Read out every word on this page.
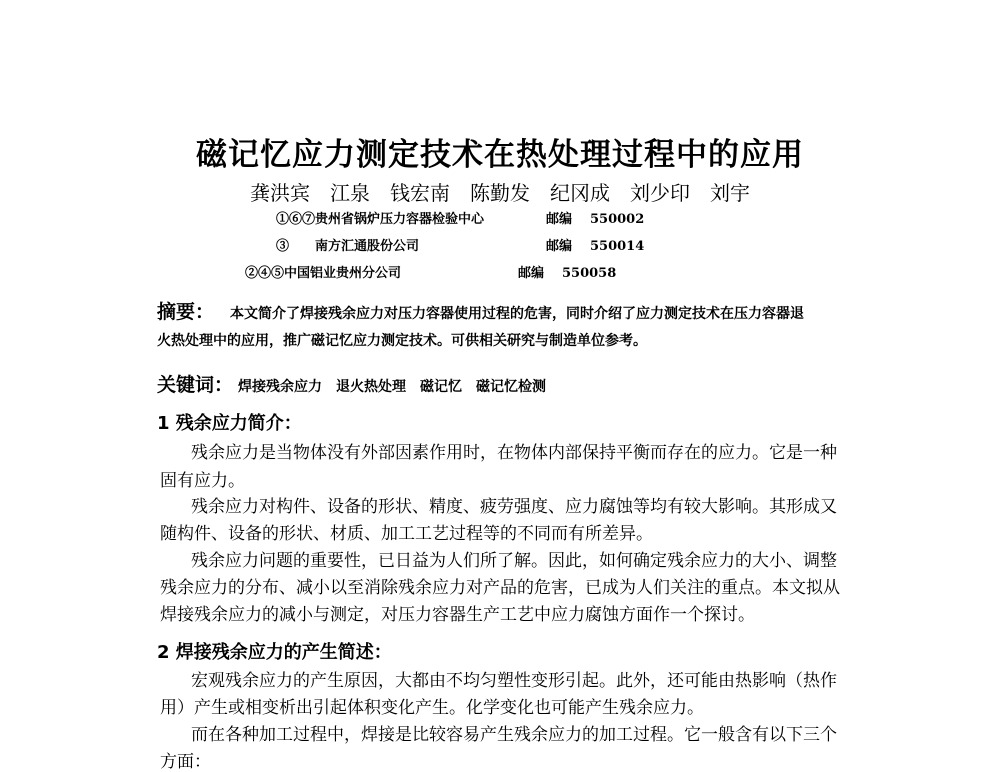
磁记忆应力测定技术在热处理过程中的应用
龚洪宾　江泉　钱宏南　陈勤发　纪冈成　刘少印　刘宇
①⑥⑦贵州省锅炉压力容器检验中心	邮编 550002
③　　南方汇通股份公司	邮编 550014
②④⑤中国铝业贵州分公司	邮编 550058
摘要： 本文简介了焊接残余应力对压力容器使用过程的危害，同时介绍了应力测定技术在压力容器退
火热处理中的应用，推广磁记忆应力测定技术。可供相关研究与制造单位参考。
关键词： 焊接残余应力　退火热处理　磁记忆　磁记忆检测
1 残余应力简介：
残余应力是当物体没有外部因素作用时，在物体内部保持平衡而存在的应力。它是一种
固有应力。
残余应力对构件、设备的形状、精度、疲劳强度、应力腐蚀等均有较大影响。其形成又
随构件、设备的形状、材质、加工工艺过程等的不同而有所差异。
残余应力问题的重要性，已日益为人们所了解。因此，如何确定残余应力的大小、调整
残余应力的分布、减小以至消除残余应力对产品的危害，已成为人们关注的重点。本文拟从
焊接残余应力的减小与测定，对压力容器生产工艺中应力腐蚀方面作一个探讨。
2 焊接残余应力的产生简述：
宏观残余应力的产生原因，大都由不均匀塑性变形引起。此外，还可能由热影响（热作
用）产生或相变析出引起体积变化产生。化学变化也可能产生残余应力。
而在各种加工过程中，焊接是比较容易产生残余应力的加工过程。它一般含有以下三个
方面：
